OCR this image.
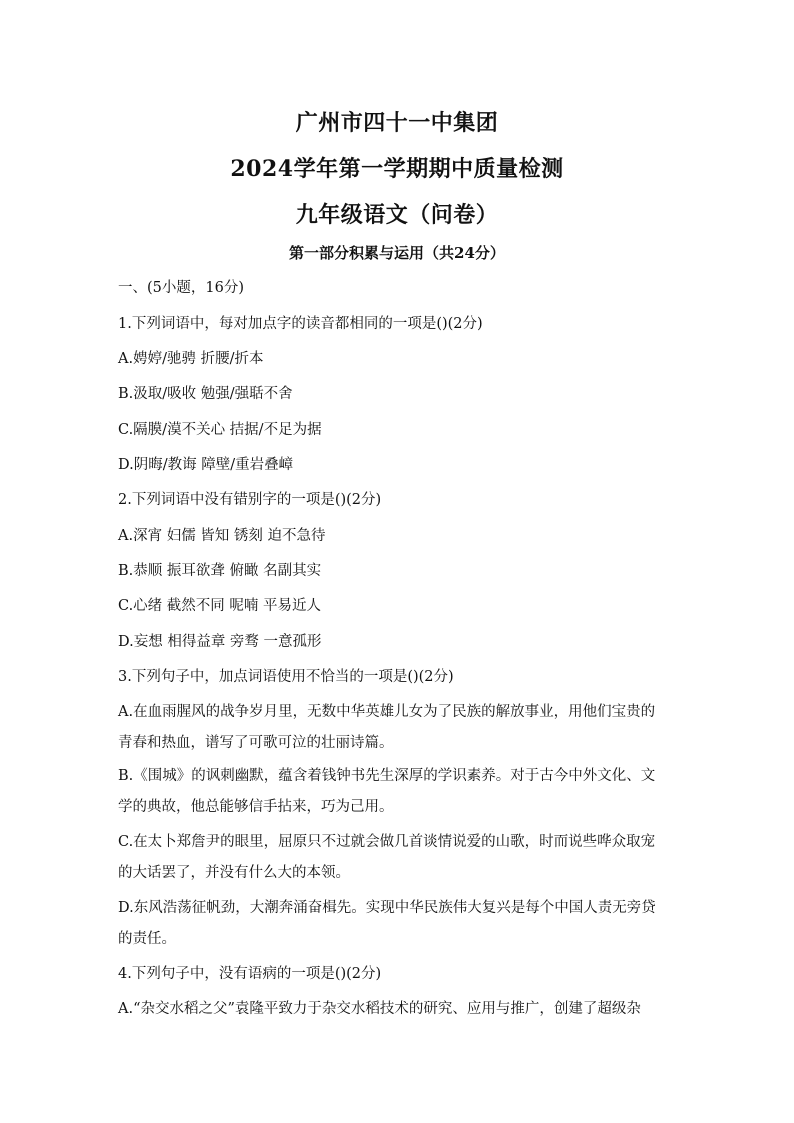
广州市四十一中集团
2024学年第一学期期中质量检测
九年级语文（问卷）
第一部分积累与运用（共24分）
一、(5小题，16分)
1.下列词语中，每对加点字的读音都相同的一项是()(2分)
A.娉婷/驰骋 折腰/折本
B.汲取/吸收 勉强/强聒不舍
C.隔膜/漠不关心 拮据/不足为据
D.阴晦/教诲 障壁/重岩叠嶂
2.下列词语中没有错别字的一项是()(2分)
A.深宵 妇儒 皆知 锈刻 迫不急待
B.恭顺 振耳欲聋 俯瞰 名副其实
C.心绪 截然不同 呢喃 平易近人
D.妄想 相得益章 旁骛 一意孤形
3.下列句子中，加点词语使用不恰当的一项是()(2分)
A.在血雨腥风的战争岁月里，无数中华英雄儿女为了民族的解放事业，用他们宝贵的
青春和热血，谱写了可歌可泣的壮丽诗篇。
B.《围城》的讽刺幽默，蕴含着钱钟书先生深厚的学识素养。对于古今中外文化、文
学的典故，他总能够信手拈来，巧为己用。
C.在太卜郑詹尹的眼里，屈原只不过就会做几首谈情说爱的山歌，时而说些哗众取宠
的大话罢了，并没有什么大的本领。
D.东风浩荡征帆劲，大潮奔涌奋楫先。实现中华民族伟大复兴是每个中国人责无旁贷
的责任。
4.下列句子中，没有语病的一项是()(2分)
A.“杂交水稻之父”袁隆平致力于杂交水稻技术的研究、应用与推广，创建了超级杂
